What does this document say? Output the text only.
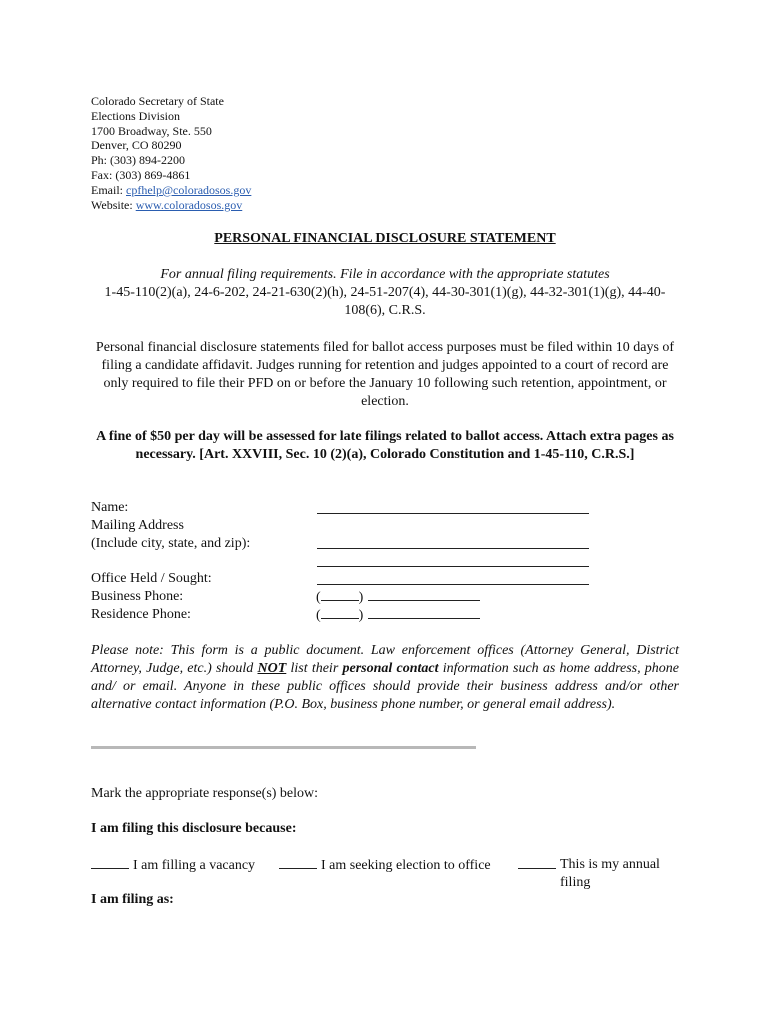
Colorado Secretary of State
Elections Division
1700 Broadway, Ste. 550
Denver, CO 80290
Ph: (303) 894-2200
Fax: (303) 869-4861
Email: cpfhelp@coloradosos.gov
Website: www.coloradosos.gov
PERSONAL FINANCIAL DISCLOSURE STATEMENT
For annual filing requirements. File in accordance with the appropriate statutes
1-45-110(2)(a), 24-6-202, 24-21-630(2)(h), 24-51-207(4), 44-30-301(1)(g), 44-32-301(1)(g), 44-40-108(6), C.R.S.
Personal financial disclosure statements filed for ballot access purposes must be filed within 10 days of filing a candidate affidavit. Judges running for retention and judges appointed to a court of record are only required to file their PFD on or before the January 10 following such retention, appointment, or election.
A fine of $50 per day will be assessed for late filings related to ballot access. Attach extra pages as necessary. [Art. XXVIII, Sec. 10 (2)(a), Colorado Constitution and 1-45-110, C.R.S.]
Name:
Mailing Address
(Include city, state, and zip):
Office Held / Sought:
Business Phone:	(	)
Residence Phone:	(	)
Please note: This form is a public document. Law enforcement offices (Attorney General, District Attorney, Judge, etc.) should NOT list their personal contact information such as home address, phone and/ or email. Anyone in these public offices should provide their business address and/or other alternative contact information (P.O. Box, business phone number, or general email address).
Mark the appropriate response(s) below:
I am filing this disclosure because:
I am filling a vacancy	I am seeking election to office	This is my annual filing
I am filing as:
